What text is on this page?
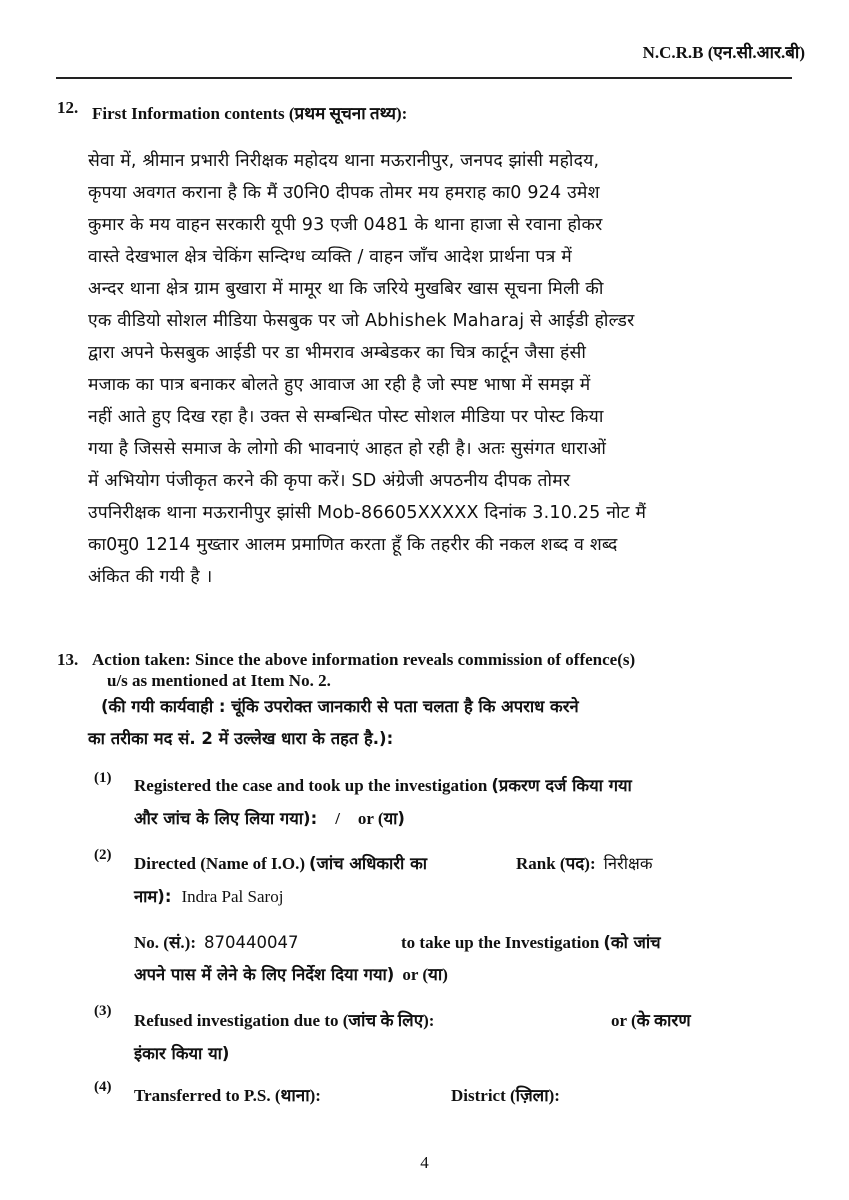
N.C.R.B (एन.सी.आर.बी)
12. First Information contents (प्रथम सूचना तथ्य):
सेवा में, श्रीमान प्रभारी निरीक्षक महोदय थाना मऊरानीपुर, जनपद झांसी महोदय,
कृपया अवगत कराना है कि मैं उ0नि0 दीपक तोमर मय हमराह का0 924 उमेश
कुमार के मय वाहन सरकारी यूपी 93 एजी 0481 के थाना हाजा से रवाना होकर
वास्ते देखभाल क्षेत्र चेकिंग सन्दिग्ध व्यक्ति / वाहन जाँच आदेश प्रार्थना पत्र में
अन्दर थाना क्षेत्र ग्राम बुखारा में मामूर था कि जरिये मुखबिर खास सूचना मिली की
एक वीडियो सोशल मीडिया फेसबुक पर जो Abhishek Maharaj से आईडी होल्डर
द्वारा अपने फेसबुक आईडी पर डा भीमराव अम्बेडकर का चित्र कार्टून जैसा हंसी
मजाक का पात्र बनाकर बोलते हुए आवाज आ रही है जो स्पष्ट भाषा में समझ में
नहीं आते हुए दिख रहा है। उक्त से सम्बन्धित पोस्ट सोशल मीडिया पर पोस्ट किया
गया है जिससे समाज के लोगो की भावनाएं आहत हो रही है। अतः सुसंगत धाराओं
में अभियोग पंजीकृत करने की कृपा करें। SD अंग्रेजी अपठनीय दीपक तोमर
उपनिरीक्षक थाना मऊरानीपुर झांसी Mob-86605XXXXX दिनांक 3.10.25 नोट मैं
का0मु0 1214 मुख्तार आलम प्रमाणित करता हूँ कि तहरीर की नकल शब्द व शब्द
अंकित की गयी है ।
13. Action taken: Since the above information reveals commission of offence(s)
u/s as mentioned at Item No. 2.
(की गयी कार्यवाही : चूंकि उपरोक्त जानकारी से पता चलता है कि अपराध करने
का तरीका मद सं. 2 में उल्लेख धारा के तहत है.):
(1) Registered the case and took up the investigation (प्रकरण दर्ज किया गया
और जांच के लिए लिया गया): / or (या)
(2) Directed (Name of I.O.) (जांच अधिकारी का	Rank (पद): निरीक्षक
नाम): Indra Pal Saroj
No. (सं.): 870440047	to take up the Investigation (को जांच
अपने पास में लेने के लिए निर्देश दिया गया) or (या)
(3) Refused investigation due to (जांच के लिए):	or (के कारण
इंकार किया या)
(4) Transferred to P.S. (थाना):	District (ज़िला):
4
